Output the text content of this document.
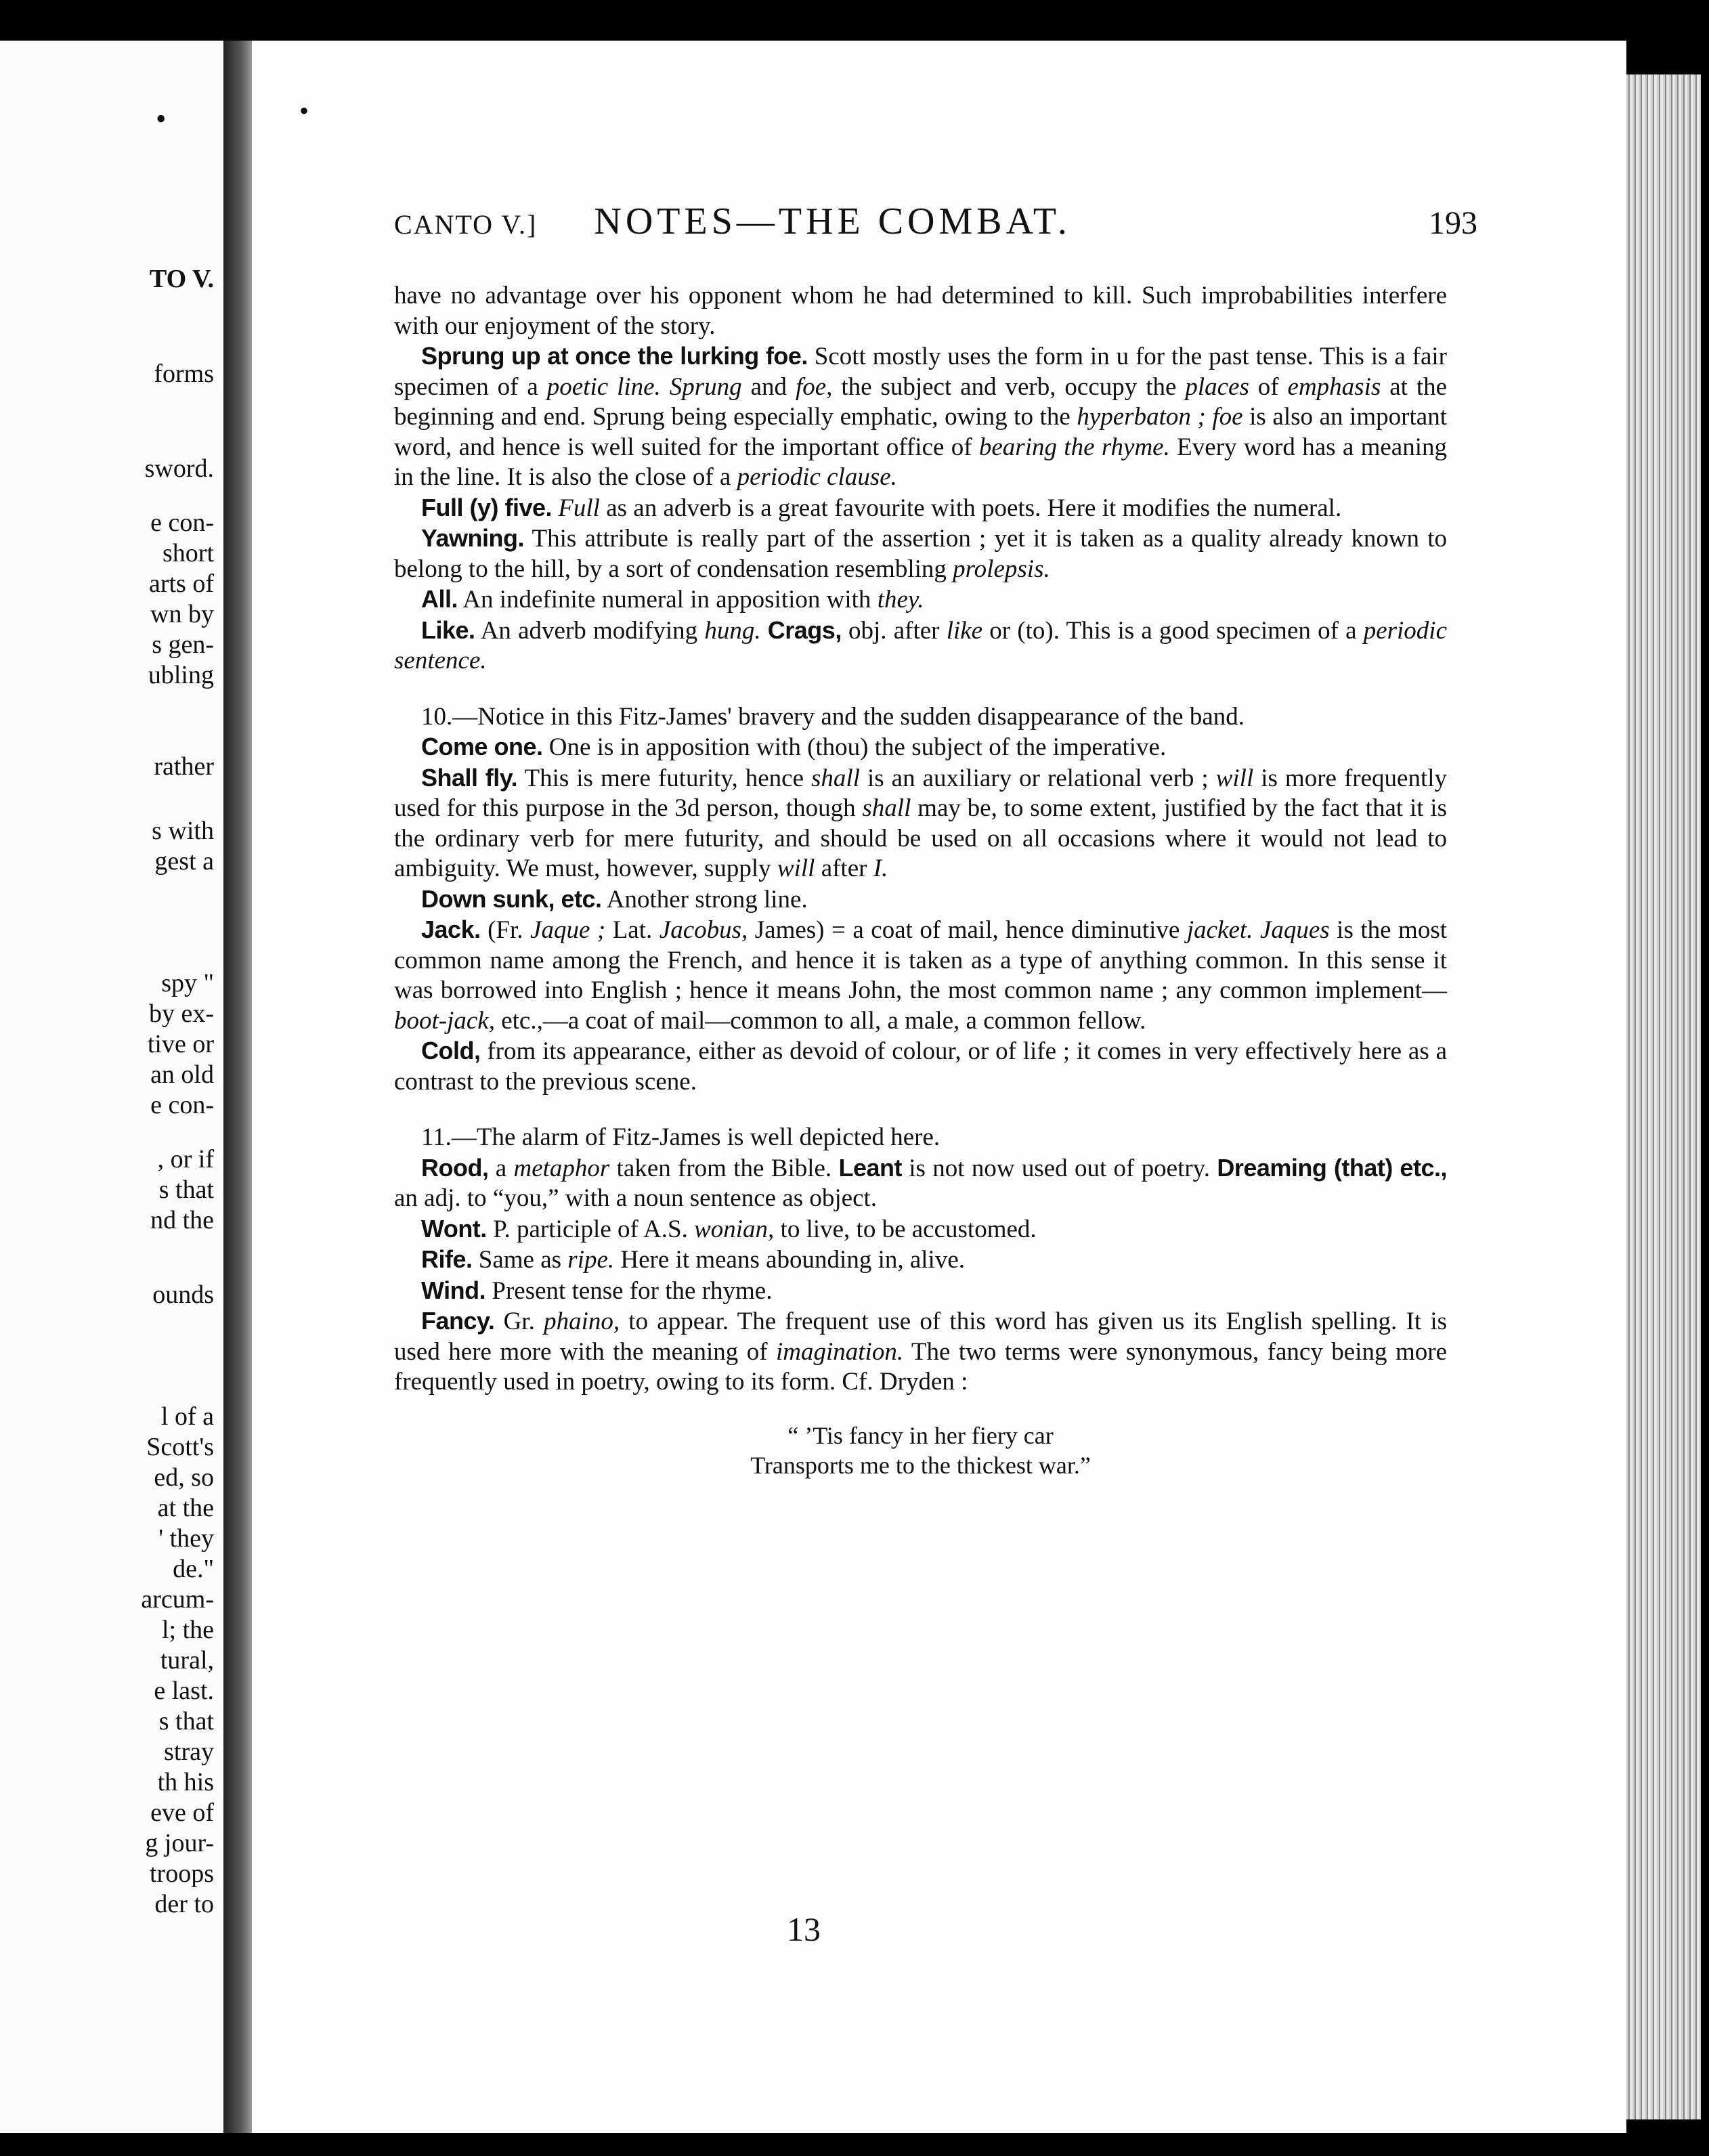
•
TO V.
forms
sword.
e con-
short
arts of
wn by
s gen-
ubling
rather
s with
gest a
spy "
by ex-
tive or
an old
e con-
, or if
s that
nd the
ounds
l of a
Scott's
ed, so
at the
' they
de."
arcum-
l; the
tural,
e last.
s that
stray
th his
eve of
g jour-
troops
der to
•
CANTO V.] NOTES—THE COMBAT.	193

have no advantage over his opponent whom he had determined to kill. Such improbabilities interfere with our enjoyment of the story.

Sprung up at once the lurking foe. Scott mostly uses the form in u for the past tense. This is a fair specimen of a poetic line. Sprung and foe, the subject and verb, occupy the places of emphasis at the beginning and end. Sprung being especially emphatic, owing to the hyperbaton ; foe is also an important word, and hence is well suited for the important office of bearing the rhyme. Every word has a meaning in the line. It is also the close of a periodic clause.

Full (y) five. Full as an adverb is a great favourite with poets. Here it modifies the numeral.

Yawning. This attribute is really part of the assertion ; yet it is taken as a quality already known to belong to the hill, by a sort of condensation resembling prolepsis.

All. An indefinite numeral in apposition with they.

Like. An adverb modifying hung. Crags, obj. after like or (to). This is a good specimen of a periodic sentence.

10.—Notice in this Fitz-James' bravery and the sudden disappearance of the band.

Come one. One is in apposition with (thou) the subject of the imperative.

Shall fly. This is mere futurity, hence shall is an auxiliary or relational verb ; will is more frequently used for this purpose in the 3d person, though shall may be, to some extent, justified by the fact that it is the ordinary verb for mere futurity, and should be used on all occasions where it would not lead to ambiguity. We must, however, supply will after I.

Down sunk, etc. Another strong line.

Jack. (Fr. Jaque ; Lat. Jacobus, James) = a coat of mail, hence diminutive jacket. Jaques is the most common name among the French, and hence it is taken as a type of anything common. In this sense it was borrowed into English ; hence it means John, the most common name ; any common implement—boot-jack, etc.,—a coat of mail—common to all, a male, a common fellow.

Cold, from its appearance, either as devoid of colour, or of life ; it comes in very effectively here as a contrast to the previous scene.

11.—The alarm of Fitz-James is well depicted here.

Rood, a metaphor taken from the Bible. Leant is not now used out of poetry. Dreaming (that) etc., an adj. to “you,” with a noun sentence as object.

Wont. P. participle of A.S. wonian, to live, to be accustomed.

Rife. Same as ripe. Here it means abounding in, alive.

Wind. Present tense for the rhyme.

Fancy. Gr. phaino, to appear. The frequent use of this word has given us its English spelling. It is used here more with the meaning of imagination. The two terms were synonymous, fancy being more frequently used in poetry, owing to its form. Cf. Dryden :

“ ’Tis fancy in her fiery car
Transports me to the thickest war.”
13
